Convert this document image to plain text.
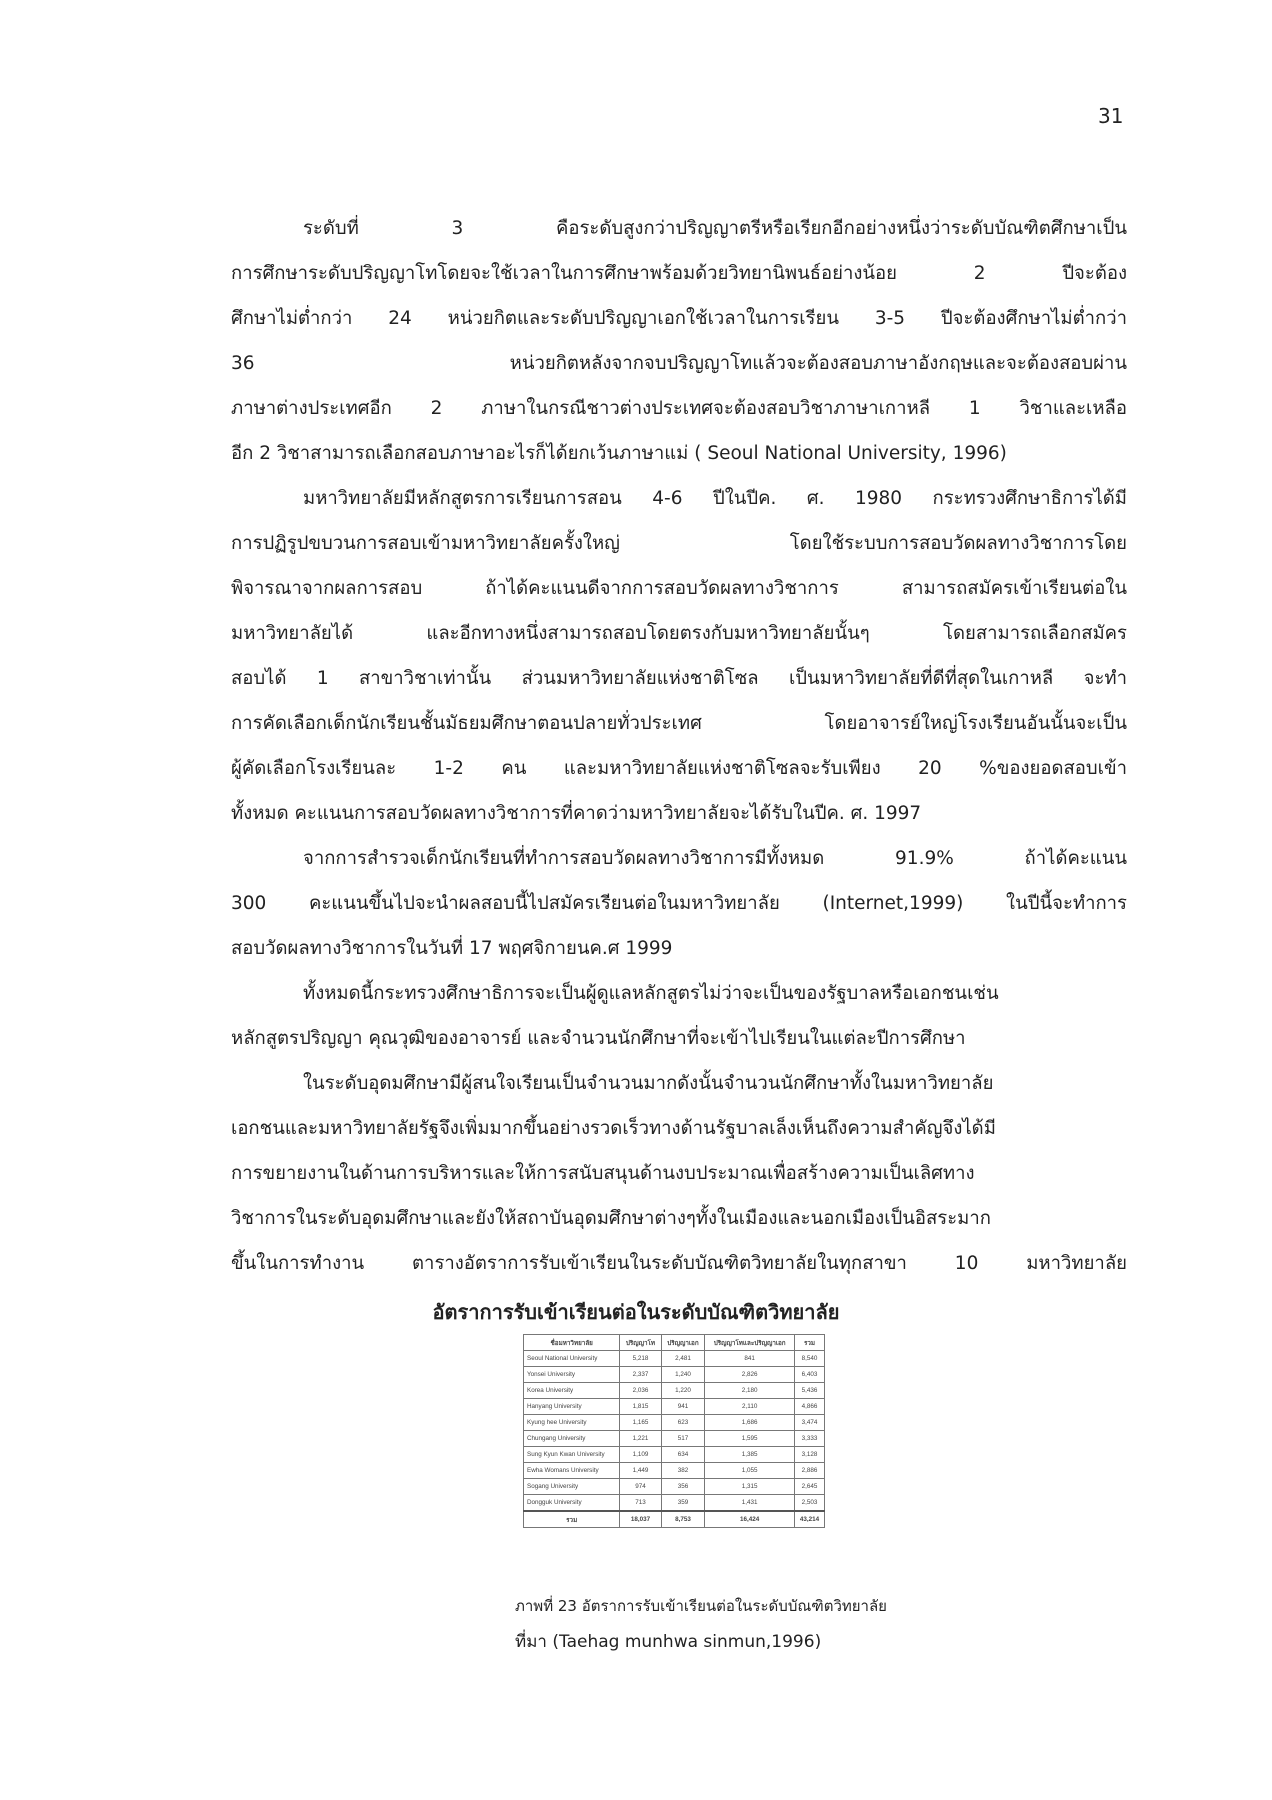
31
ระดับที่ 3 คือระดับสูงกว่าปริญญาตรีหรือเรียกอีกอย่างหนึ่งว่าระดับบัณฑิตศึกษาเป็น
การศึกษาระดับปริญญาโทโดยจะใช้เวลาในการศึกษาพร้อมด้วยวิทยานิพนธ์อย่างน้อย 2 ปีจะต้อง
ศึกษาไม่ต่ำกว่า 24 หน่วยกิตและระดับปริญญาเอกใช้เวลาในการเรียน 3-5 ปีจะต้องศึกษาไม่ต่ำกว่า
36 หน่วยกิตหลังจากจบปริญญาโทแล้วจะต้องสอบภาษาอังกฤษและจะต้องสอบผ่าน
ภาษาต่างประเทศอีก 2 ภาษาในกรณีชาวต่างประเทศจะต้องสอบวิชาภาษาเกาหลี 1 วิชาและเหลือ
อีก 2 วิชาสามารถเลือกสอบภาษาอะไรก็ได้ยกเว้นภาษาแม่ ( Seoul National University, 1996)
มหาวิทยาลัยมีหลักสูตรการเรียนการสอน 4-6 ปีในปีค. ศ. 1980 กระทรวงศึกษาธิการได้มี
การปฏิรูปขบวนการสอบเข้ามหาวิทยาลัยครั้งใหญ่ โดยใช้ระบบการสอบวัดผลทางวิชาการโดย
พิจารณาจากผลการสอบ ถ้าได้คะแนนดีจากการสอบวัดผลทางวิชาการ สามารถสมัครเข้าเรียนต่อใน
มหาวิทยาลัยได้ และอีกทางหนึ่งสามารถสอบโดยตรงกับมหาวิทยาลัยนั้นๆ โดยสามารถเลือกสมัคร
สอบได้ 1 สาขาวิชาเท่านั้น ส่วนมหาวิทยาลัยแห่งชาติโซล เป็นมหาวิทยาลัยที่ดีที่สุดในเกาหลี จะทำ
การคัดเลือกเด็กนักเรียนชั้นมัธยมศึกษาตอนปลายทั่วประเทศ โดยอาจารย์ใหญ่โรงเรียนอันนั้นจะเป็น
ผู้คัดเลือกโรงเรียนละ 1-2 คน และมหาวิทยาลัยแห่งชาติโซลจะรับเพียง 20 %ของยอดสอบเข้า
ทั้งหมด คะแนนการสอบวัดผลทางวิชาการที่คาดว่ามหาวิทยาลัยจะได้รับในปีค. ศ. 1997
จากการสำรวจเด็กนักเรียนที่ทำการสอบวัดผลทางวิชาการมีทั้งหมด 91.9% ถ้าได้คะแนน
300 คะแนนขึ้นไปจะนำผลสอบนี้ไปสมัครเรียนต่อในมหาวิทยาลัย (Internet,1999) ในปีนี้จะทำการ
สอบวัดผลทางวิชาการในวันที่ 17 พฤศจิกายนค.ศ 1999
ทั้งหมดนี้กระทรวงศึกษาธิการจะเป็นผู้ดูแลหลักสูตรไม่ว่าจะเป็นของรัฐบาลหรือเอกชนเช่น
หลักสูตรปริญญา คุณวุฒิของอาจารย์ และจำนวนนักศึกษาที่จะเข้าไปเรียนในแต่ละปีการศึกษา
ในระดับอุดมศึกษามีผู้สนใจเรียนเป็นจำนวนมากดังนั้นจำนวนนักศึกษาทั้งในมหาวิทยาลัย
เอกชนและมหาวิทยาลัยรัฐจึงเพิ่มมากขึ้นอย่างรวดเร็วทางด้านรัฐบาลเล็งเห็นถึงความสำคัญจึงได้มี
การขยายงานในด้านการบริหารและให้การสนับสนุนด้านงบประมาณเพื่อสร้างความเป็นเลิศทาง
วิชาการในระดับอุดมศึกษาและยังให้สถาบันอุดมศึกษาต่างๆทั้งในเมืองและนอกเมืองเป็นอิสระมาก
ขึ้นในการทำงาน ตารางอัตราการรับเข้าเรียนในระดับบัณฑิตวิทยาลัยในทุกสาขา 10 มหาวิทยาลัย
อัตราการรับเข้าเรียนต่อในระดับบัณฑิตวิทยาลัย
ชื่อมหาวิทยาลัย	ปริญญาโท	ปริญญาเอก	ปริญญาโทและปริญญาเอก	รวม
Seoul National University	5,218	2,481	841	8,540
Yonsei University	2,337	1,240	2,826	6,403
Korea University	2,036	1,220	2,180	5,436
Hanyang University	1,815	941	2,110	4,866
Kyung hee University	1,165	623	1,686	3,474
Chungang University	1,221	517	1,595	3,333
Sung Kyun Kwan University	1,109	634	1,385	3,128
Ewha Womans University	1,449	382	1,055	2,886
Sogang University	974	356	1,315	2,645
Dongguk University	713	359	1,431	2,503
รวม	18,037	8,753	16,424	43,214
ภาพที่ 23 อัตราการรับเข้าเรียนต่อในระดับบัณฑิตวิทยาลัย
ที่มา (Taehag munhwa sinmun,1996)
